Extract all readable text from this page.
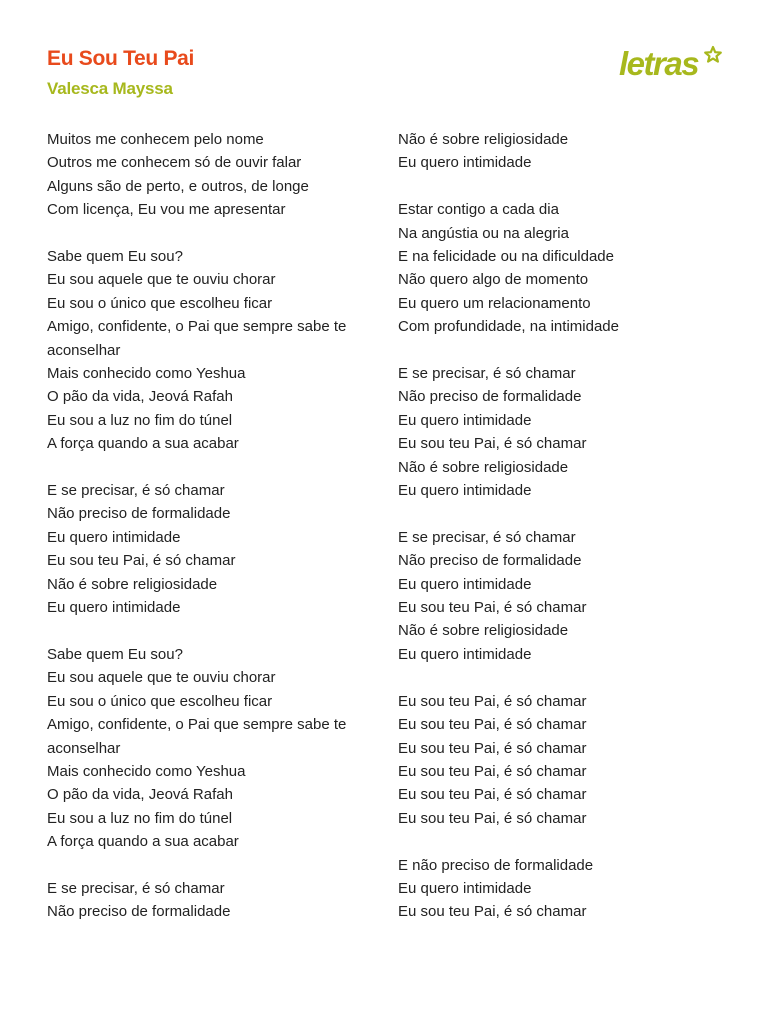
Eu Sou Teu Pai
Valesca Mayssa
letras
Muitos me conhecem pelo nome
Outros me conhecem só de ouvir falar
Alguns são de perto, e outros, de longe
Com licença, Eu vou me apresentar
Sabe quem Eu sou?
Eu sou aquele que te ouviu chorar
Eu sou o único que escolheu ficar
Amigo, confidente, o Pai que sempre sabe te aconselhar
Mais conhecido como Yeshua
O pão da vida, Jeová Rafah
Eu sou a luz no fim do túnel
A força quando a sua acabar
E se precisar, é só chamar
Não preciso de formalidade
Eu quero intimidade
Eu sou teu Pai, é só chamar
Não é sobre religiosidade
Eu quero intimidade
Sabe quem Eu sou?
Eu sou aquele que te ouviu chorar
Eu sou o único que escolheu ficar
Amigo, confidente, o Pai que sempre sabe te aconselhar
Mais conhecido como Yeshua
O pão da vida, Jeová Rafah
Eu sou a luz no fim do túnel
A força quando a sua acabar
E se precisar, é só chamar
Não preciso de formalidade
Não é sobre religiosidade
Eu quero intimidade
Estar contigo a cada dia
Na angústia ou na alegria
E na felicidade ou na dificuldade
Não quero algo de momento
Eu quero um relacionamento
Com profundidade, na intimidade
E se precisar, é só chamar
Não preciso de formalidade
Eu quero intimidade
Eu sou teu Pai, é só chamar
Não é sobre religiosidade
Eu quero intimidade
E se precisar, é só chamar
Não preciso de formalidade
Eu quero intimidade
Eu sou teu Pai, é só chamar
Não é sobre religiosidade
Eu quero intimidade
Eu sou teu Pai, é só chamar
Eu sou teu Pai, é só chamar
Eu sou teu Pai, é só chamar
Eu sou teu Pai, é só chamar
Eu sou teu Pai, é só chamar
Eu sou teu Pai, é só chamar
E não preciso de formalidade
Eu quero intimidade
Eu sou teu Pai, é só chamar
